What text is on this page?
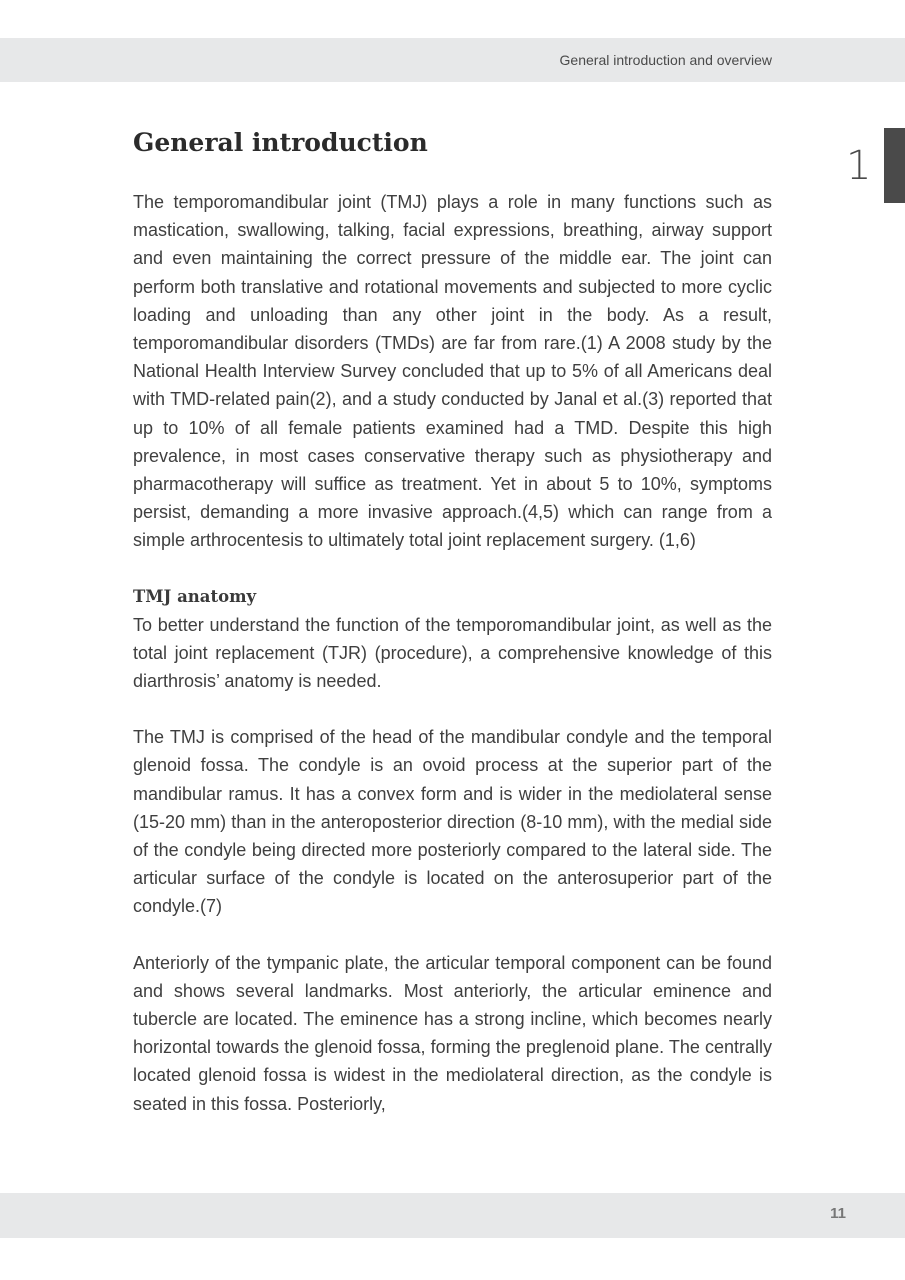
General introduction and overview
1
General introduction

The temporomandibular joint (TMJ) plays a role in many functions such as mastication, swallowing, talking, facial expressions, breathing, airway support and even maintaining the correct pressure of the middle ear. The joint can perform both translative and rotational movements and subjected to more cyclic loading and unloading than any other joint in the body. As a result, temporomandibular disorders (TMDs) are far from rare.(1) A 2008 study by the National Health Interview Survey concluded that up to 5% of all Americans deal with TMD-related pain(2), and a study conducted by Janal et al.(3) reported that up to 10% of all female patients examined had a TMD. Despite this high prevalence, in most cases conservative therapy such as physiotherapy and pharmacotherapy will suffice as treatment. Yet in about 5 to 10%, symptoms persist, demanding a more invasive approach.(4,5) which can range from a simple arthrocentesis to ultimately total joint replacement surgery. (1,6)

TMJ anatomy

To better understand the function of the temporomandibular joint, as well as the total joint replacement (TJR) (procedure), a comprehensive knowledge of this diarthrosis’ anatomy is needed.

The TMJ is comprised of the head of the mandibular condyle and the temporal glenoid fossa. The condyle is an ovoid process at the superior part of the mandibular ramus. It has a convex form and is wider in the mediolateral sense (15-20 mm) than in the anteroposterior direction (8-10 mm), with the medial side of the condyle being directed more posteriorly compared to the lateral side. The articular surface of the condyle is located on the anterosuperior part of the condyle.(7)

Anteriorly of the tympanic plate, the articular temporal component can be found and shows several landmarks. Most anteriorly, the articular eminence and tubercle are located. The eminence has a strong incline, which becomes nearly horizontal towards the glenoid fossa, forming the preglenoid plane. The centrally located glenoid fossa is widest in the mediolateral direction, as the condyle is seated in this fossa. Posteriorly,

11
